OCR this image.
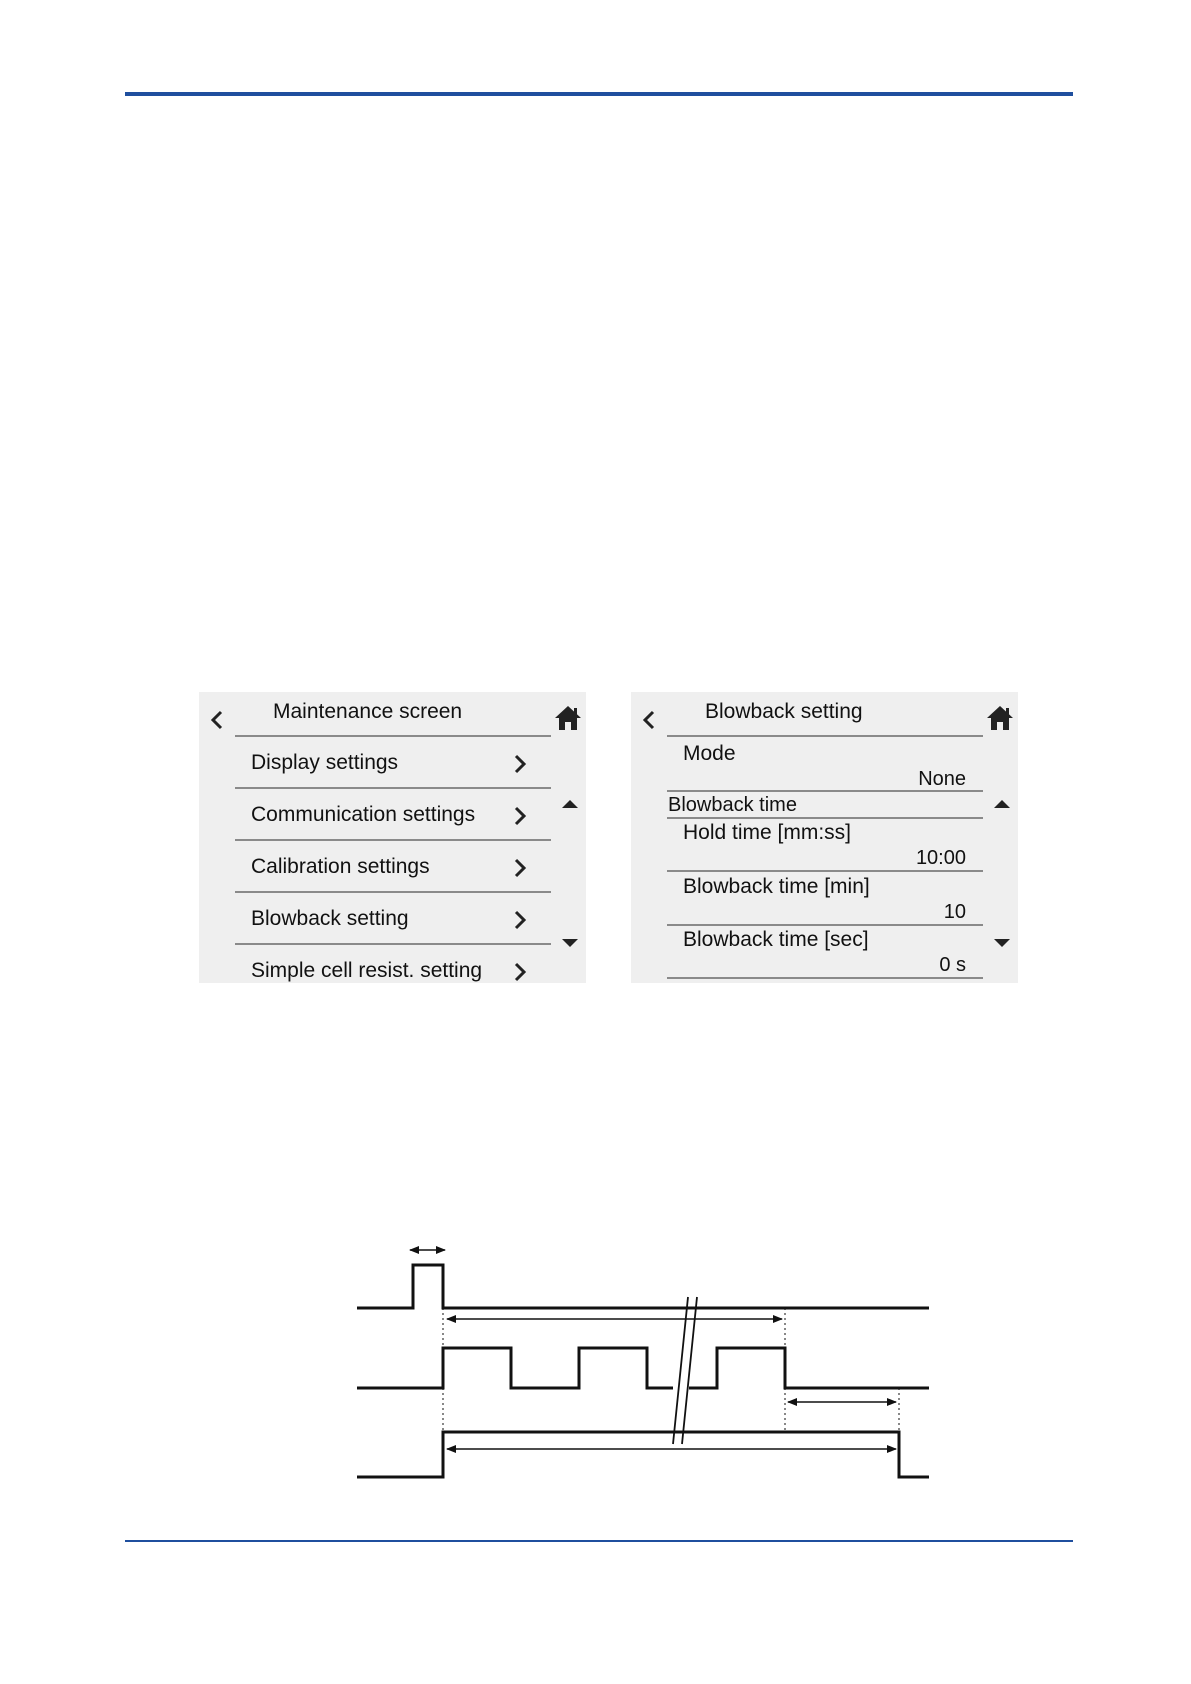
Maintenance screen
Display settings
Communication settings
Calibration settings
Blowback setting
Simple cell resist. setting
Blowback setting
Mode
None
Blowback time
Hold time [mm:ss]
10:00
Blowback time [min]
10
Blowback time [sec]
0 s
